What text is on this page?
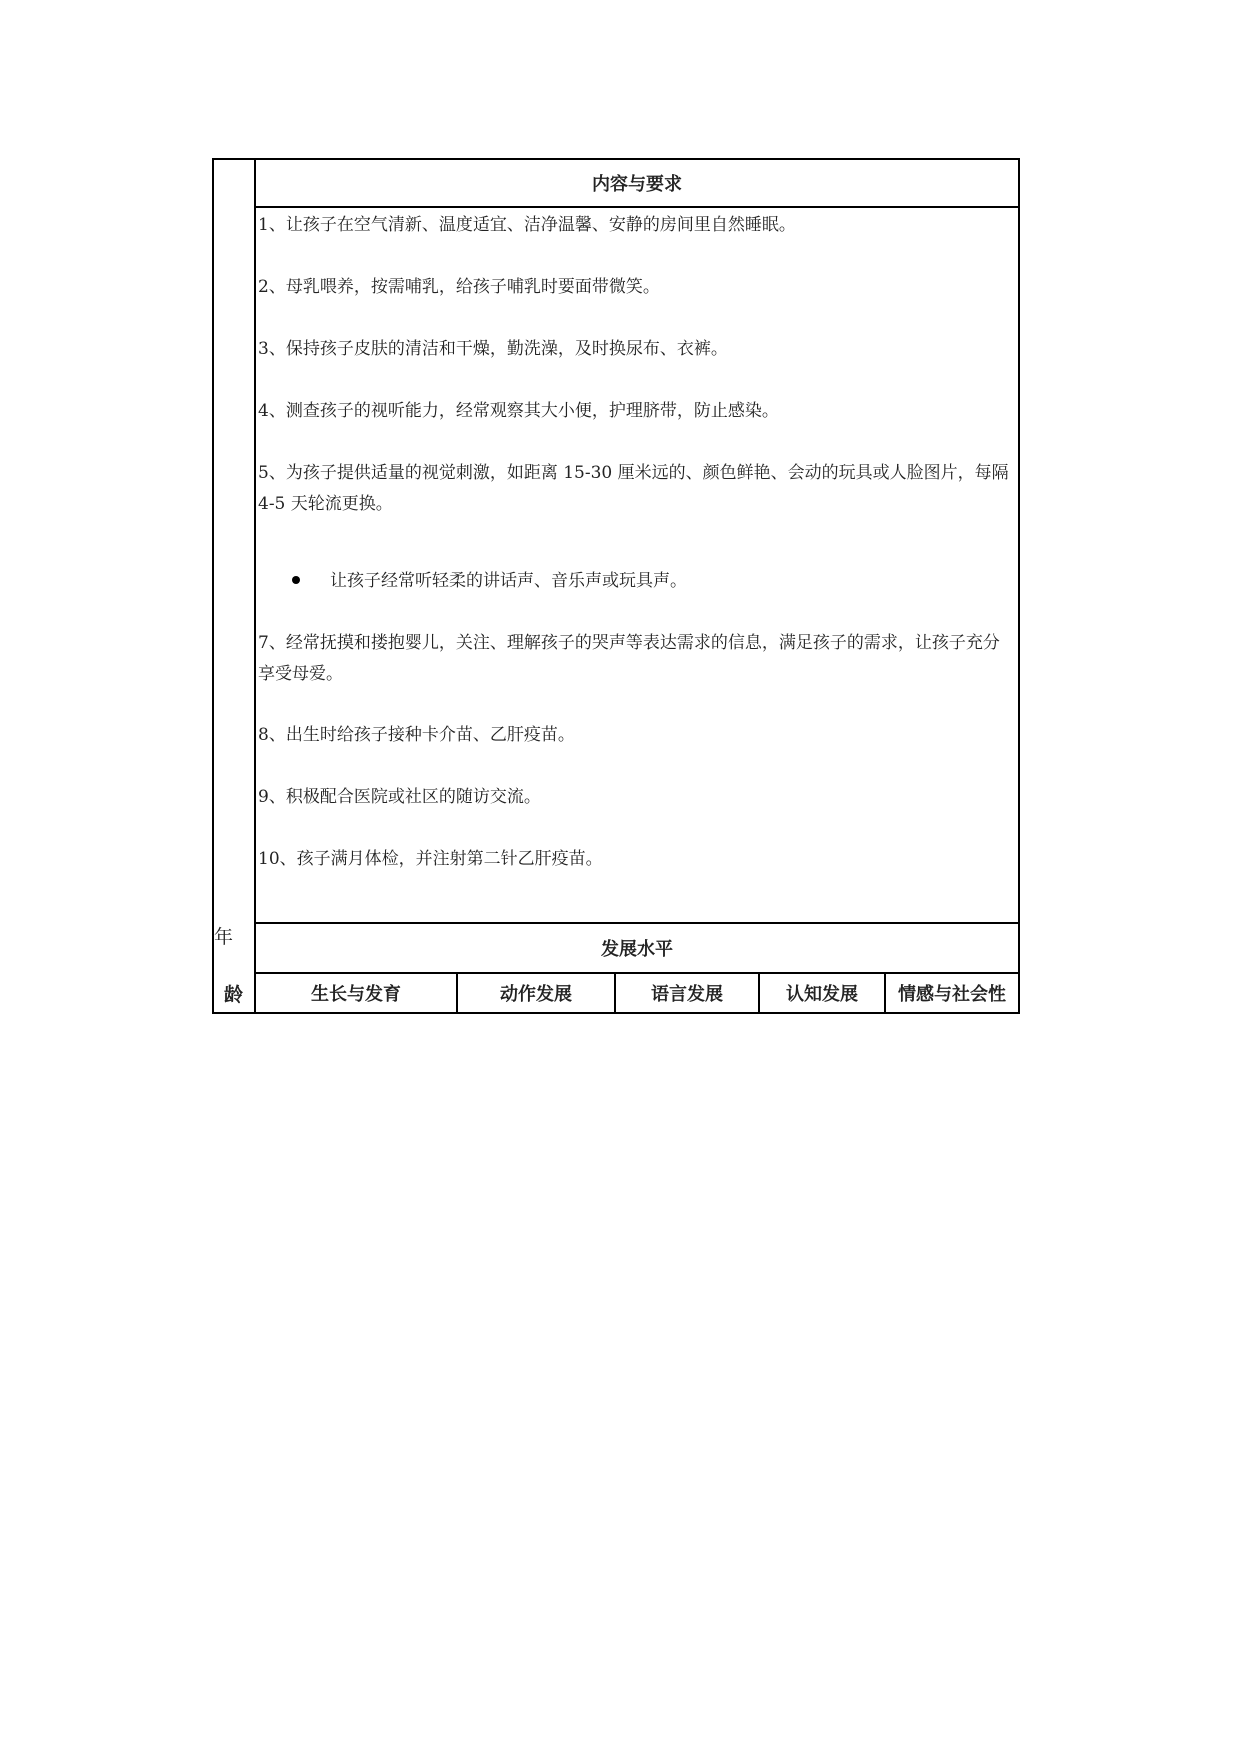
年
龄
内容与要求

1、让孩子在空气清新、温度适宜、洁净温馨、安静的房间里自然睡眠。

2、母乳喂养，按需哺乳，给孩子哺乳时要面带微笑。

3、保持孩子皮肤的清洁和干燥，勤洗澡，及时换尿布、衣裤。

4、测查孩子的视听能力，经常观察其大小便，护理脐带，防止感染。

5、为孩子提供适量的视觉刺激，如距离 15-30 厘米远的、颜色鲜艳、会动的玩具或人脸图片，每隔 4-5 天轮流更换。

让孩子经常听轻柔的讲话声、音乐声或玩具声。

7、经常抚摸和搂抱婴儿，关注、理解孩子的哭声等表达需求的信息，满足孩子的需求，让孩子充分享受母爱。

8、出生时给孩子接种卡介苗、乙肝疫苗。

9、积极配合医院或社区的随访交流。

10、孩子满月体检，并注射第二针乙肝疫苗。

发展水平
生长与发育	动作发展	语言发展	认知发展	情感与社会性
